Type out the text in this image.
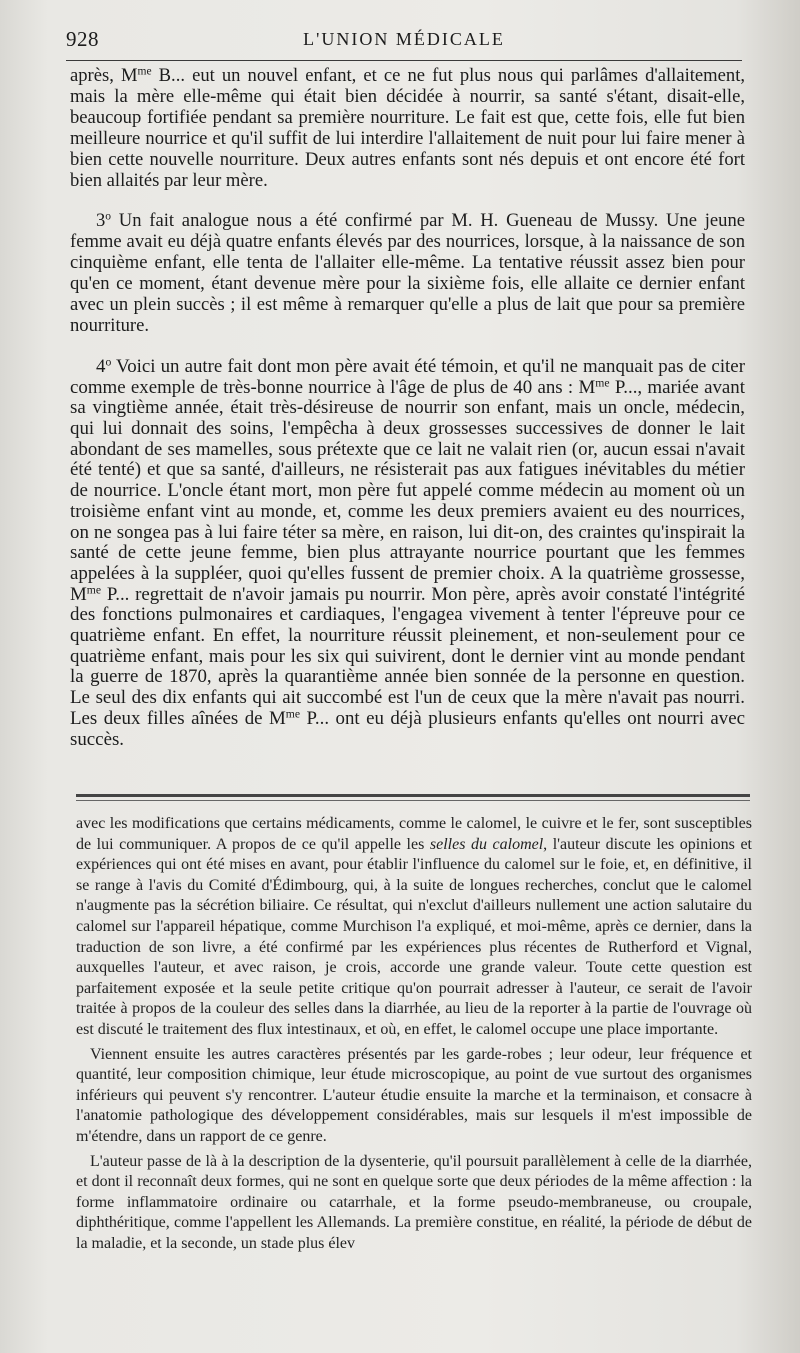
928	L'UNION MÉDICALE

après, $M^{me}$ B... eut un nouvel enfant, et ce ne fut plus nous qui parlâmes d'allaitement, mais la mère elle-même qui était bien décidée à nourrir, sa santé s'étant, disait-elle, beaucoup fortifiée pendant sa première nourriture. Le fait est que, cette fois, elle fut bien meilleure nourrice et qu'il suffit de lui interdire l'allaitement de nuit pour lui faire mener à bien cette nouvelle nourriture. Deux autres enfants sont nés depuis et ont encore été fort bien allaités par leur mère.

3$^o$ Un fait analogue nous a été confirmé par M. H. Gueneau de Mussy. Une jeune femme avait eu déjà quatre enfants élevés par des nourrices, lorsque, à la naissance de son cinquième enfant, elle tenta de l'allaiter elle-même. La tentative réussit assez bien pour qu'en ce moment, étant devenue mère pour la sixième fois, elle allaite ce dernier enfant avec un plein succès ; il est même à remarquer qu'elle a plus de lait que pour sa première nourriture.

4$^o$ Voici un autre fait dont mon père avait été témoin, et qu'il ne manquait pas de citer comme exemple de très-bonne nourrice à l'âge de plus de 40 ans : $M^{me}$ P..., mariée avant sa vingtième année, était très-désireuse de nourrir son enfant, mais un oncle, médecin, qui lui donnait des soins, l'empêcha à deux grossesses successives de donner le lait abondant de ses mamelles, sous prétexte que ce lait ne valait rien (or, aucun essai n'avait été tenté) et que sa santé, d'ailleurs, ne résisterait pas aux fatigues inévitables du métier de nourrice. L'oncle étant mort, mon père fut appelé comme médecin au moment où un troisième enfant vint au monde, et, comme les deux premiers avaient eu des nourrices, on ne songea pas à lui faire téter sa mère, en raison, lui dit-on, des craintes qu'inspirait la santé de cette jeune femme, bien plus attrayante nourrice pourtant que les femmes appelées à la suppléer, quoi qu'elles fussent de premier choix. A la quatrième grossesse, $M^{me}$ P... regrettait de n'avoir jamais pu nourrir. Mon père, après avoir constaté l'intégrité des fonctions pulmonaires et cardiaques, l'engagea vivement à tenter l'épreuve pour ce quatrième enfant. En effet, la nourriture réussit pleinement, et non-seulement pour ce quatrième enfant, mais pour les six qui suivirent, dont le dernier vint au monde pendant la guerre de 1870, après la quarantième année bien sonnée de la personne en question. Le seul des dix enfants qui ait succombé est l'un de ceux que la mère n'avait pas nourri. Les deux filles aînées de $M^{me}$ P... ont eu déjà plusieurs enfants qu'elles ont nourri avec succès.

avec les modifications que certains médicaments, comme le calomel, le cuivre et le fer, sont susceptibles de lui communiquer. A propos de ce qu'il appelle les selles du calomel, l'auteur discute les opinions et expériences qui ont été mises en avant, pour établir l'influence du calomel sur le foie, et, en définitive, il se range à l'avis du Comité d'Édimbourg, qui, à la suite de longues recherches, conclut que le calomel n'augmente pas la sécrétion biliaire. Ce résultat, qui n'exclut d'ailleurs nullement une action salutaire du calomel sur l'appareil hépatique, comme Murchison l'a expliqué, et moi-même, après ce dernier, dans la traduction de son livre, a été confirmé par les expériences plus récentes de Rutherford et Vignal, auxquelles l'auteur, et avec raison, je crois, accorde une grande valeur. Toute cette question est parfaitement exposée et la seule petite critique qu'on pourrait adresser à l'auteur, ce serait de l'avoir traitée à propos de la couleur des selles dans la diarrhée, au lieu de la reporter à la partie de l'ouvrage où est discuté le traitement des flux intestinaux, et où, en effet, le calomel occupe une place importante.

Viennent ensuite les autres caractères présentés par les garde-robes ; leur odeur, leur fréquence et quantité, leur composition chimique, leur étude microscopique, au point de vue surtout des organismes inférieurs qui peuvent s'y rencontrer. L'auteur étudie ensuite la marche et la terminaison, et consacre à l'anatomie pathologique des développement considérables, mais sur lesquels il m'est impossible de m'étendre, dans un rapport de ce genre.

L'auteur passe de là à la description de la dysenterie, qu'il poursuit parallèlement à celle de la diarrhée, et dont il reconnaît deux formes, qui ne sont en quelque sorte que deux périodes de la même affection : la forme inflammatoire ordinaire ou catarrhale, et la forme pseudo-membraneuse, ou croupale, diphthéritique, comme l'appellent les Allemands. La première constitue, en réalité, la période de début de la maladie, et la seconde, un stade plus élev
